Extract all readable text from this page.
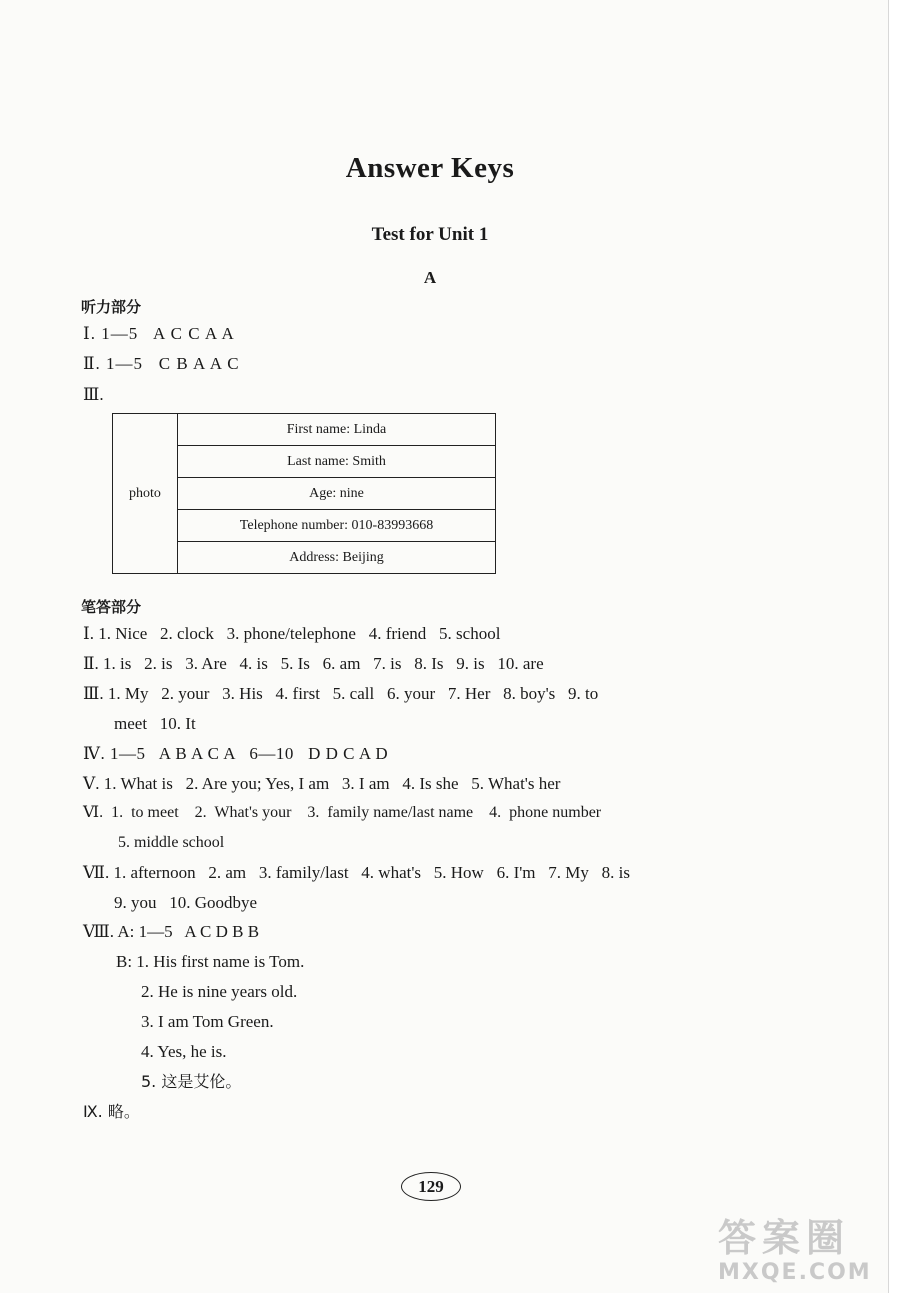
Answer Keys
Test for Unit 1
A
听力部分
Ⅰ. 1—5   A C C A A
Ⅱ. 1—5   C B A A C
Ⅲ.
photo	First name: Linda
Last name: Smith
Age: nine
Telephone number: 010-83993668
Address: Beijing
笔答部分
Ⅰ. 1. Nice   2. clock   3. phone/telephone   4. friend   5. school
Ⅱ. 1. is   2. is   3. Are   4. is   5. Is   6. am   7. is   8. Is   9. is   10. are
Ⅲ. 1. My   2. your   3. His   4. first   5. call   6. your   7. Her   8. boy's   9. to
meet   10. It
Ⅳ. 1—5   A B A C A   6—10   D D C A D
Ⅴ. 1. What is   2. Are you; Yes, I am   3. I am   4. Is she   5. What's her
Ⅵ.  1.  to meet    2.  What's your    3.  family name/last name    4.  phone number
5. middle school
Ⅶ. 1. afternoon   2. am   3. family/last   4. what's   5. How   6. I'm   7. My   8. is
9. you   10. Goodbye
Ⅷ. A: 1—5   A C D B B
B: 1. His first name is Tom.
2. He is nine years old.
3. I am Tom Green.
4. Yes, he is.
5. 这是艾伦。
Ⅸ. 略。
129
答案圈
MXQE.COM
